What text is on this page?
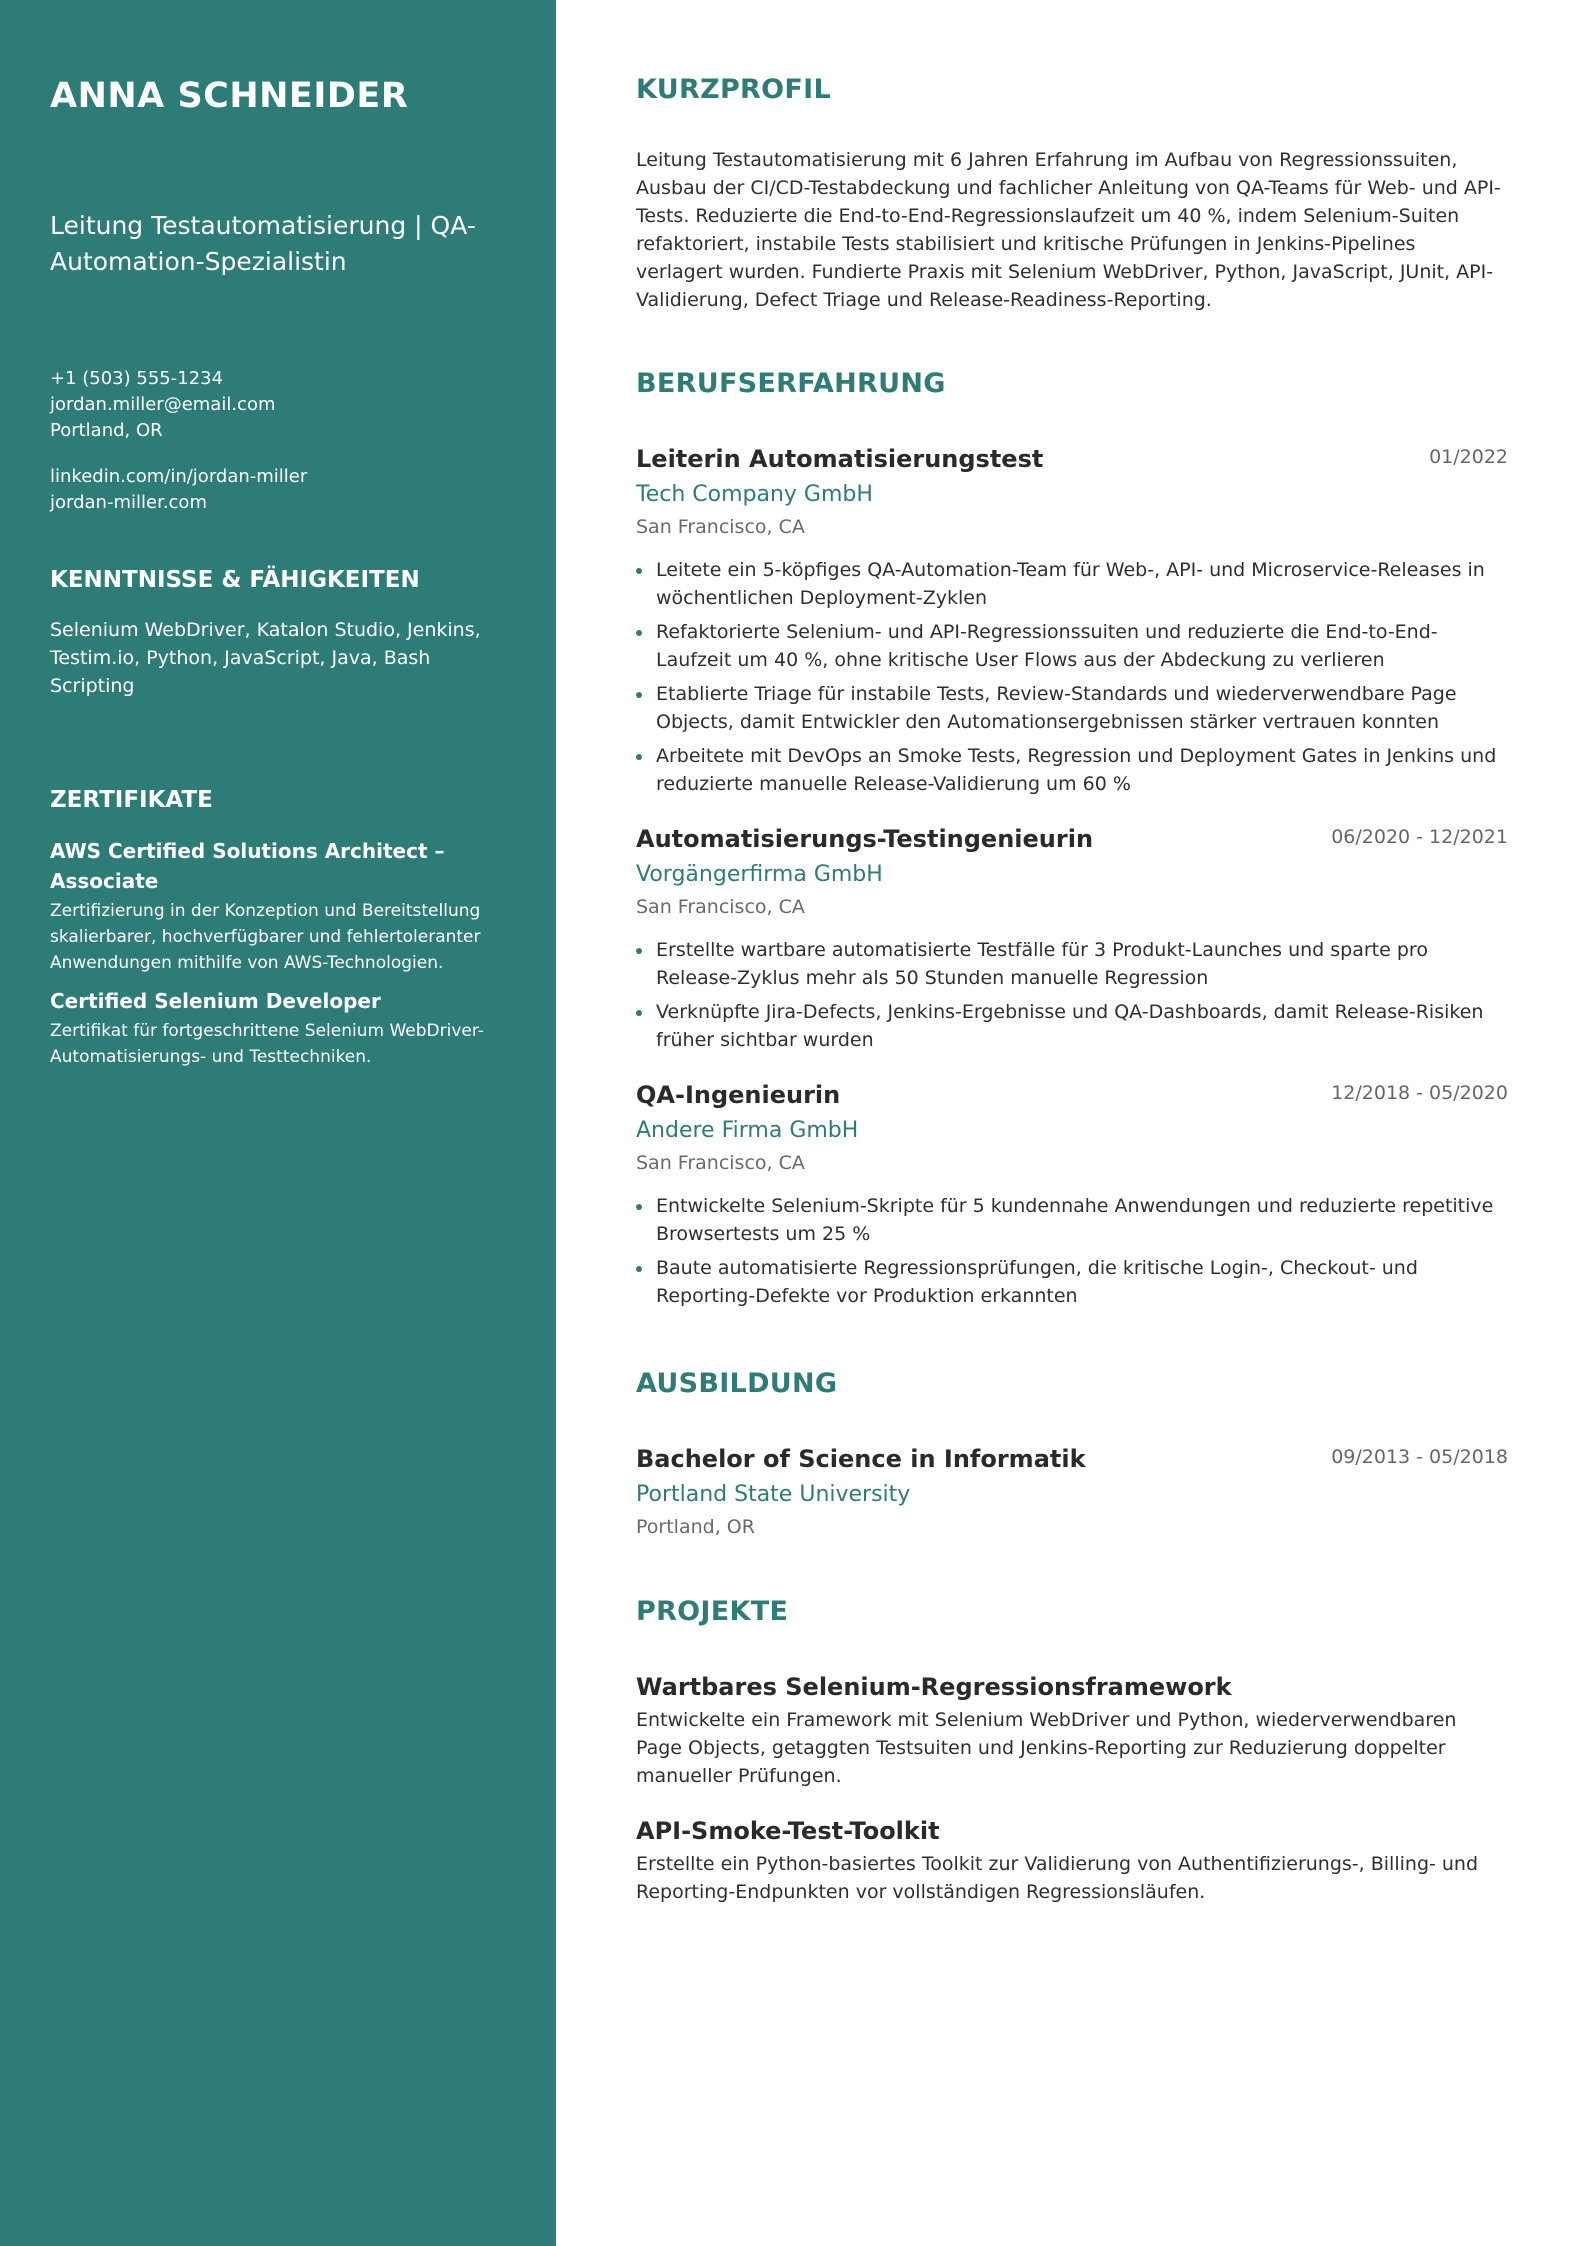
ANNA SCHNEIDER
Leitung Testautomatisierung | QA-Automation-Spezialistin
+1 (503) 555-1234
jordan.miller@email.com
Portland, OR
linkedin.com/in/jordan-miller
jordan-miller.com
KENNTNISSE & FÄHIGKEITEN
Selenium WebDriver, Katalon Studio, Jenkins, Testim.io, Python, JavaScript, Java, Bash Scripting
ZERTIFIKATE
AWS Certified Solutions Architect – Associate
Zertifizierung in der Konzeption und Bereitstellung skalierbarer, hochverfügbarer und fehlertoleranter Anwendungen mithilfe von AWS-Technologien.
Certified Selenium Developer
Zertifikat für fortgeschrittene Selenium WebDriver-Automatisierungs- und Testtechniken.
KURZPROFIL

Leitung Testautomatisierung mit 6 Jahren Erfahrung im Aufbau von Regressionssuiten, Ausbau der CI/CD-Testabdeckung und fachlicher Anleitung von QA-Teams für Web- und API-Tests. Reduzierte die End-to-End-Regressionslaufzeit um 40 %, indem Selenium-Suiten refaktoriert, instabile Tests stabilisiert und kritische Prüfungen in Jenkins-Pipelines verlagert wurden. Fundierte Praxis mit Selenium WebDriver, Python, JavaScript, JUnit, API-Validierung, Defect Triage und Release-Readiness-Reporting.

BERUFSERFAHRUNG
Leiterin Automatisierungstest	01/2022
Tech Company GmbH
San Francisco, CA
Leitete ein 5-köpfiges QA-Automation-Team für Web-, API- und Microservice-Releases in wöchentlichen Deployment-Zyklen
Refaktorierte Selenium- und API-Regressionssuiten und reduzierte die End-to-End-Laufzeit um 40 %, ohne kritische User Flows aus der Abdeckung zu verlieren
Etablierte Triage für instabile Tests, Review-Standards und wiederverwendbare Page Objects, damit Entwickler den Automationsergebnissen stärker vertrauen konnten
Arbeitete mit DevOps an Smoke Tests, Regression und Deployment Gates in Jenkins und reduzierte manuelle Release-Validierung um 60 %
Automatisierungs-Testingenieurin	06/2020 - 12/2021
Vorgängerfirma GmbH
San Francisco, CA
Erstellte wartbare automatisierte Testfälle für 3 Produkt-Launches und sparte pro Release-Zyklus mehr als 50 Stunden manuelle Regression
Verknüpfte Jira-Defects, Jenkins-Ergebnisse und QA-Dashboards, damit Release-Risiken früher sichtbar wurden
QA-Ingenieurin	12/2018 - 05/2020
Andere Firma GmbH
San Francisco, CA
Entwickelte Selenium-Skripte für 5 kundennahe Anwendungen und reduzierte repetitive Browsertests um 25 %
Baute automatisierte Regressionsprüfungen, die kritische Login-, Checkout- und Reporting-Defekte vor Produktion erkannten
AUSBILDUNG
Bachelor of Science in Informatik	09/2013 - 05/2018
Portland State University
Portland, OR
PROJEKTE
Wartbares Selenium-Regressionsframework
Entwickelte ein Framework mit Selenium WebDriver und Python, wiederverwendbaren Page Objects, getaggten Testsuiten und Jenkins-Reporting zur Reduzierung doppelter manueller Prüfungen.
API-Smoke-Test-Toolkit
Erstellte ein Python-basiertes Toolkit zur Validierung von Authentifizierungs-, Billing- und Reporting-Endpunkten vor vollständigen Regressionsläufen.
